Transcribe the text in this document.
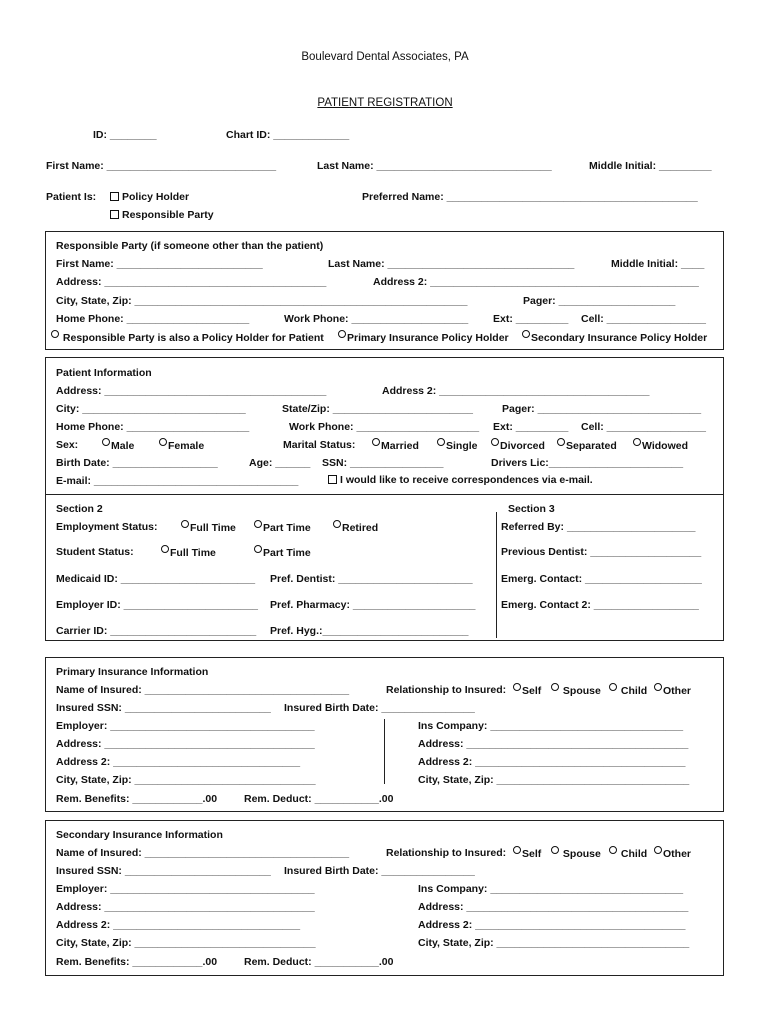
Boulevard Dental Associates, PA
PATIENT REGISTRATION
ID: ________	Chart ID: _____________
First Name: _____________________________	Last Name: ______________________________	Middle Initial: _________
Patient Is:	Policy Holder
Responsible Party
Preferred Name: ___________________________________________
Responsible Party (if someone other than the patient)
First Name: _________________________	Last Name: ________________________________	Middle Initial: ____
Address: ______________________________________	Address 2: ______________________________________________
City, State, Zip: _________________________________________________________	Pager: ____________________
Home Phone: _____________________	Work Phone: ____________________ Ext: _________ Cell: _________________
Responsible Party is also a Policy Holder for Patient	Primary Insurance Policy Holder	Secondary Insurance Policy Holder
Patient Information
Address: ______________________________________	Address 2: ____________________________________
City: ____________________________	State/Zip: ________________________	Pager: ____________________________
Home Phone: _____________________	Work Phone: _____________________ Ext: _________ Cell: _________________
Sex:	Male	Female	Marital Status:	Married	Single	Divorced	Separated	Widowed
Birth Date: __________________	Age: ______ SSN: ________________	Drivers Lic:_______________________
E-mail: ___________________________________	I would like to receive correspondences via e-mail.
Section 2
Employment Status:	Full Time	Part Time	Retired
Student Status:	Full Time	Part Time
Medicaid ID: _______________________ Pref. Dentist: _______________________
Employer ID: _______________________ Pref. Pharmacy: _____________________
Carrier ID: _________________________ Pref. Hyg.:_________________________
Section 3
Referred By: ______________________
Previous Dentist: ___________________
Emerg. Contact: ____________________
Emerg. Contact 2: __________________
Primary Insurance Information
Name of Insured: ___________________________________	Relationship to Insured:	Self	Spouse	Child	Other
Insured SSN: _________________________ Insured Birth Date: ________________
Employer: ___________________________________	Ins Company: _________________________________
Address: ____________________________________	Address: ______________________________________
Address 2: ________________________________	Address 2: ____________________________________
City, State, Zip: _______________________________	City, State, Zip: _________________________________
Rem. Benefits: ____________.00	Rem. Deduct: ___________.00
Secondary Insurance Information
Name of Insured: ___________________________________	Relationship to Insured:	Self	Spouse	Child	Other
Insured SSN: _________________________ Insured Birth Date: ________________
Employer: ___________________________________	Ins Company: _________________________________
Address: ____________________________________	Address: ______________________________________
Address 2: ________________________________	Address 2: ____________________________________
City, State, Zip: _______________________________	City, State, Zip: _________________________________
Rem. Benefits: ____________.00	Rem. Deduct: ___________.00
